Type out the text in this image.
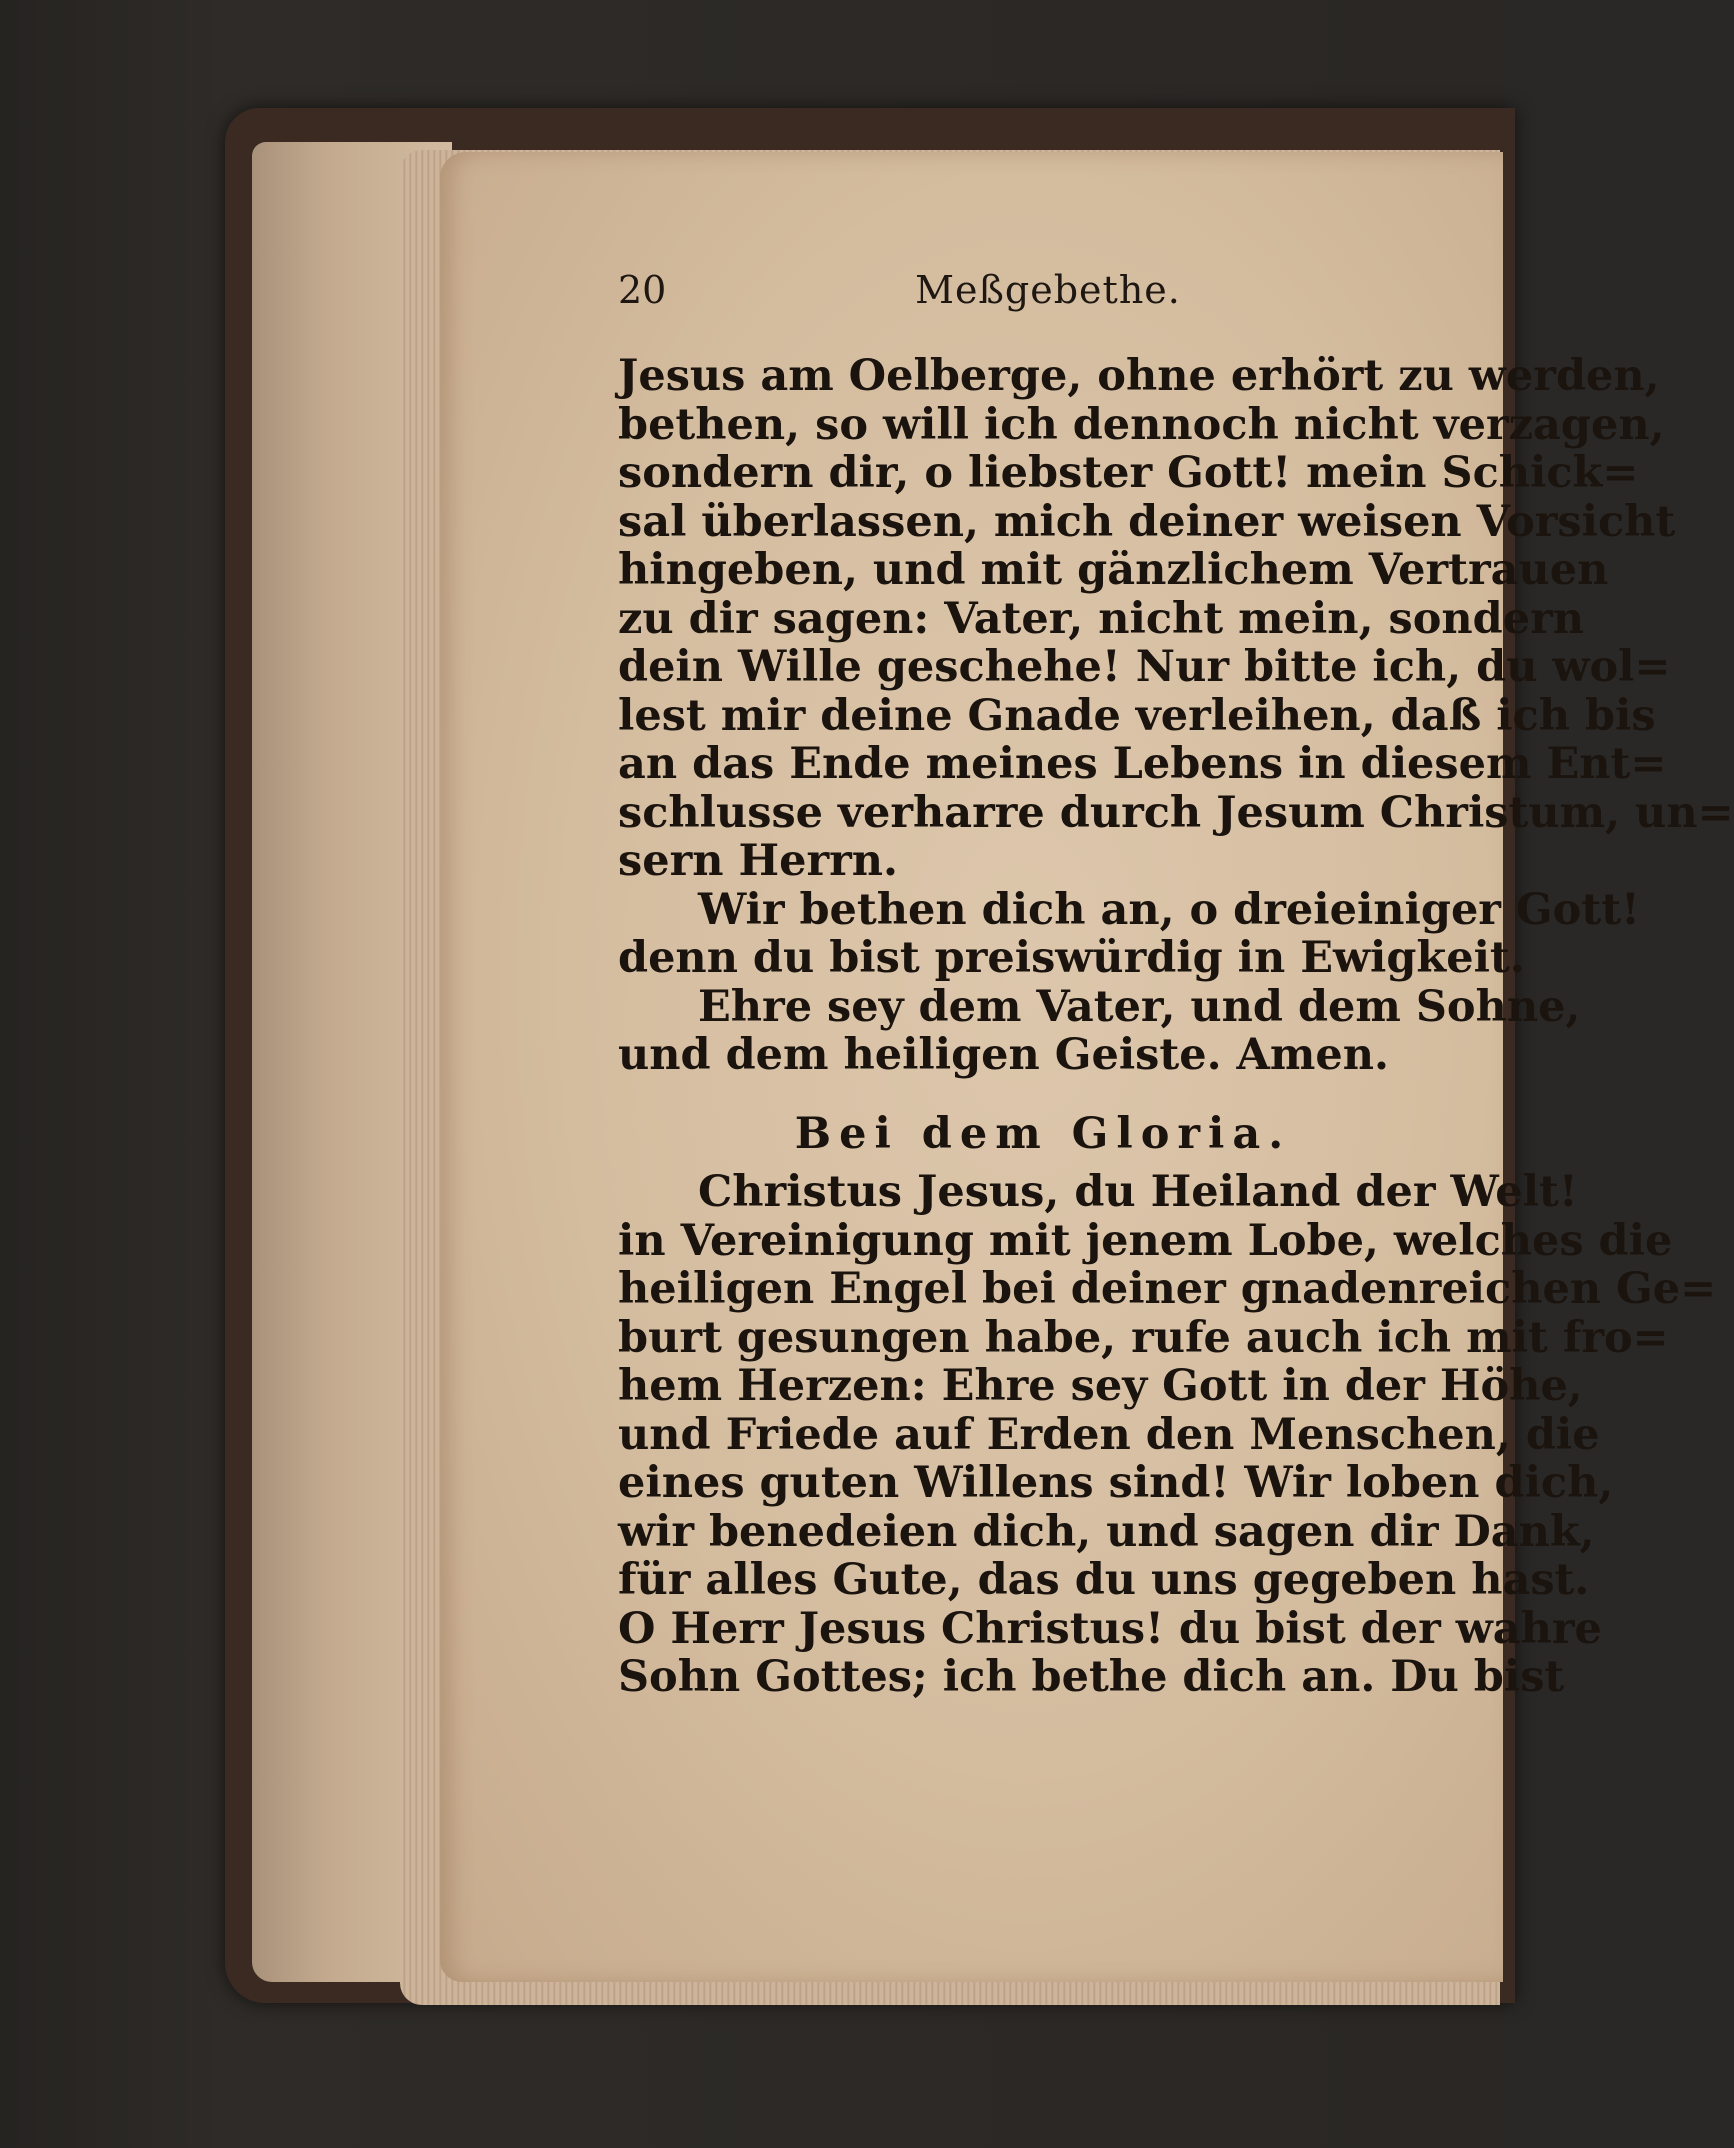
20	Meßgebethe.
Jesus am Oelberge, ohne erhört zu werden,
bethen, so will ich dennoch nicht verzagen,
sondern dir, o liebster Gott! mein Schick=
sal überlassen, mich deiner weisen Vorsicht
hingeben, und mit gänzlichem Vertrauen
zu dir sagen: Vater, nicht mein, sondern
dein Wille geschehe! Nur bitte ich, du wol=
lest mir deine Gnade verleihen, daß ich bis
an das Ende meines Lebens in diesem Ent=
schlusse verharre durch Jesum Christum, un=
sern Herrn.
Wir bethen dich an, o dreieiniger Gott!
denn du bist preiswürdig in Ewigkeit.
Ehre sey dem Vater, und dem Sohne,
und dem heiligen Geiste. Amen.
Bei dem Gloria.
Christus Jesus, du Heiland der Welt!
in Vereinigung mit jenem Lobe, welches die
heiligen Engel bei deiner gnadenreichen Ge=
burt gesungen habe, rufe auch ich mit fro=
hem Herzen: Ehre sey Gott in der Höhe,
und Friede auf Erden den Menschen, die
eines guten Willens sind! Wir loben dich,
wir benedeien dich, und sagen dir Dank,
für alles Gute, das du uns gegeben hast.
O Herr Jesus Christus! du bist der wahre
Sohn Gottes; ich bethe dich an. Du bist
